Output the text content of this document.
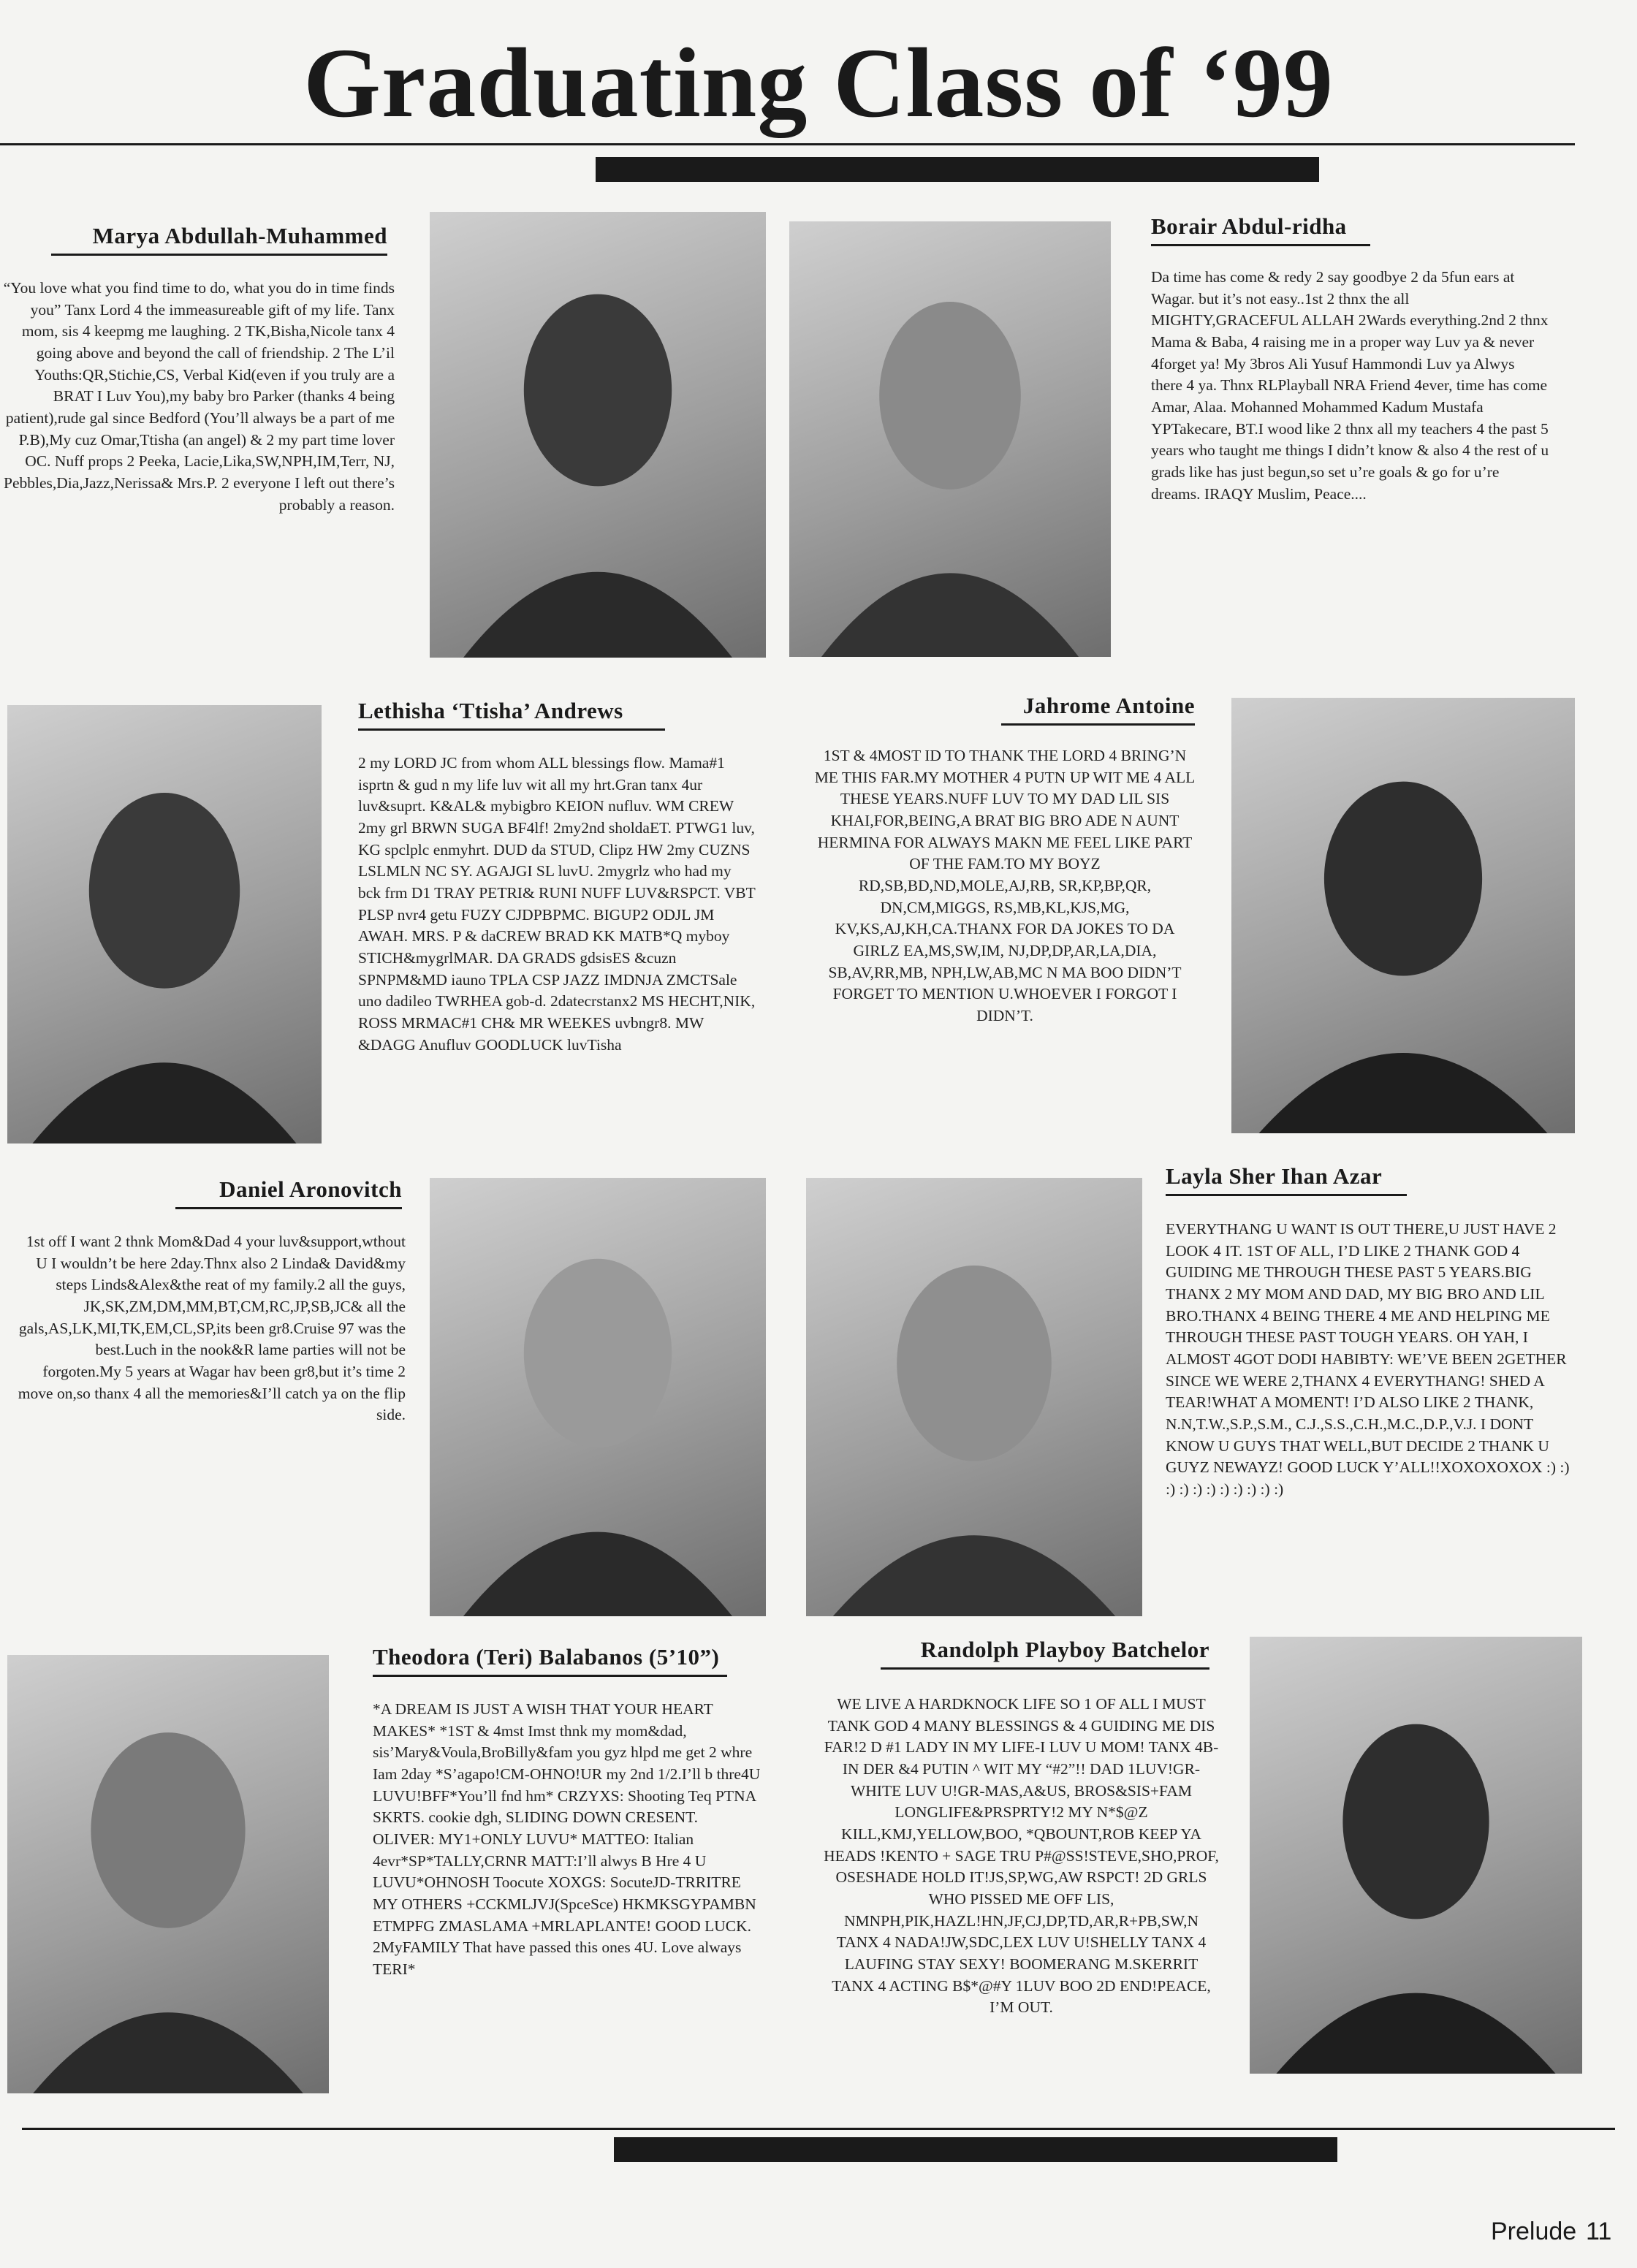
Graduating Class of ‘99
Marya Abdullah-Muhammed
“You love what you find time to do, what you do in time finds you” Tanx Lord 4 the immeasureable gift of my life. Tanx mom, sis 4 keepmg me laughing. 2 TK,Bisha,Nicole tanx 4 going above and beyond the call of friendship. 2 The L’il Youths:QR,Stichie,CS, Verbal Kid(even if you truly are a BRAT I Luv You),my baby bro Parker (thanks 4 being patient),rude gal since Bedford (You’ll always be a part of me P.B),My cuz Omar,Ttisha (an angel) & 2 my part time lover OC. Nuff props 2 Peeka, Lacie,Lika,SW,NPH,IM,Terr, NJ, Pebbles,Dia,Jazz,Nerissa& Mrs.P. 2 everyone I left out there’s probably a reason.
Borair Abdul-ridha
Da time has come & redy 2 say goodbye 2 da 5fun ears at Wagar. but it’s not easy..1st 2 thnx the all MIGHTY,GRACEFUL ALLAH 2Wards everything.2nd 2 thnx Mama & Baba, 4 raising me in a proper way Luv ya & never 4forget ya! My 3bros Ali Yusuf Hammondi Luv ya Alwys there 4 ya. Thnx RLPlayball NRA Friend 4ever, time has come Amar, Alaa. Mohanned Mohammed Kadum Mustafa YPTakecare, BT.I wood like 2 thnx all my teachers 4 the past 5 years who taught me things I didn’t know & also 4 the rest of u grads like has just begun,so set u’re goals & go for u’re dreams. IRAQY Muslim, Peace....
Lethisha ‘Ttisha’ Andrews
2 my LORD JC from whom ALL blessings flow. Mama#1 isprtn & gud n my life luv wit all my hrt.Gran tanx 4ur luv&suprt. K&AL& mybigbro KEION nufluv. WM CREW 2my grl BRWN SUGA BF4lf! 2my2nd sholdaET. PTWG1 luv, KG spclplc enmyhrt. DUD da STUD, Clipz HW 2my CUZNS LSLMLN NC SY. AGAJGI SL luvU. 2mygrlz who had my bck frm D1 TRAY PETRI& RUNI NUFF LUV&RSPCT. VBT PLSP nvr4 getu FUZY CJDPBPMC. BIGUP2 ODJL JM AWAH. MRS. P & daCREW BRAD KK MATB*Q myboy STICH&mygrlMAR. DA GRADS gdsisES &cuzn SPNPM&MD iauno TPLA CSP JAZZ IMDNJA ZMCTSale uno dadileo TWRHEA gob-d. 2datecrstanx2 MS HECHT,NIK, ROSS MRMAC#1 CH& MR WEEKES uvbngr8. MW &DAGG Anufluv GOODLUCK luvTisha
Jahrome Antoine
1ST & 4MOST ID TO THANK THE LORD 4 BRING’N ME THIS FAR.MY MOTHER 4 PUTN UP WIT ME 4 ALL THESE YEARS.NUFF LUV TO MY DAD LIL SIS KHAI,FOR,BEING,A BRAT BIG BRO ADE N AUNT HERMINA FOR ALWAYS MAKN ME FEEL LIKE PART OF THE FAM.TO MY BOYZ RD,SB,BD,ND,MOLE,AJ,RB, SR,KP,BP,QR, DN,CM,MIGGS, RS,MB,KL,KJS,MG, KV,KS,AJ,KH,CA.THANX FOR DA JOKES TO DA GIRLZ EA,MS,SW,IM, NJ,DP,DP,AR,LA,DIA, SB,AV,RR,MB, NPH,LW,AB,MC N MA BOO DIDN’T FORGET TO MENTION U.WHOEVER I FORGOT I DIDN’T.
Daniel Aronovitch
1st off I want 2 thnk Mom&Dad 4 your luv&support,wthout U I wouldn’t be here 2day.Thnx also 2 Linda& David&my steps Linds&Alex&the reat of my family.2 all the guys, JK,SK,ZM,DM,MM,BT,CM,RC,JP,SB,JC& all the gals,AS,LK,MI,TK,EM,CL,SP,its been gr8.Cruise 97 was the best.Luch in the nook&R lame parties will not be forgoten.My 5 years at Wagar hav been gr8,but it’s time 2 move on,so thanx 4 all the memories&I’ll catch ya on the flip side.
Layla Sher Ihan Azar
EVERYTHANG U WANT IS OUT THERE,U JUST HAVE 2 LOOK 4 IT. 1ST OF ALL, I’D LIKE 2 THANK GOD 4 GUIDING ME THROUGH THESE PAST 5 YEARS.BIG THANX 2 MY MOM AND DAD, MY BIG BRO AND LIL BRO.THANX 4 BEING THERE 4 ME AND HELPING ME THROUGH THESE PAST TOUGH YEARS. OH YAH, I ALMOST 4GOT DODI HABIBTY: WE’VE BEEN 2GETHER SINCE WE WERE 2,THANX 4 EVERYTHANG! SHED A TEAR!WHAT A MOMENT! I’D ALSO LIKE 2 THANK, N.N,T.W.,S.P.,S.M., C.J.,S.S.,C.H.,M.C.,D.P.,V.J. I DONT KNOW U GUYS THAT WELL,BUT DECIDE 2 THANK U GUYZ NEWAYZ! GOOD LUCK Y’ALL!!XOXOXOXOX :) :) :) :) :) :) :) :) :) :) :)
Theodora (Teri) Balabanos (5’10”)
*A DREAM IS JUST A WISH THAT YOUR HEART MAKES* *1ST & 4mst Imst thnk my mom&dad, sis’Mary&Voula,BroBilly&fam you gyz hlpd me get 2 whre Iam 2day *S’agapo!CM-OHNO!UR my 2nd 1/2.I’ll b thre4U LUVU!BFF*You’ll fnd hm* CRZYXS: Shooting Teq PTNA SKRTS. cookie dgh, SLIDING DOWN CRESENT. OLIVER: MY1+ONLY LUVU* MATTEO: Italian 4evr*SP*TALLY,CRNR MATT:I’ll alwys B Hre 4 U LUVU*OHNOSH Toocute XOXGS: SocuteJD-TRRITRE MY OTHERS +CCKMLJVJ(SpceSce) HKMKSGYPAMBN ETMPFG ZMASLAMA +MRLAPLANTE! GOOD LUCK. 2MyFAMILY That have passed this ones 4U. Love always TERI*
Randolph Playboy Batchelor
WE LIVE A HARDKNOCK LIFE SO 1 OF ALL I MUST TANK GOD 4 MANY BLESSINGS & 4 GUIDING ME DIS FAR!2 D #1 LADY IN MY LIFE-I LUV U MOM! TANX 4B-IN DER &4 PUTIN ^ WIT MY “#2”!! DAD 1LUV!GR-WHITE LUV U!GR-MAS,A&US, BROS&SIS+FAM LONGLIFE&PRSPRTY!2 MY N*$@Z KILL,KMJ,YELLOW,BOO, *QBOUNT,ROB KEEP YA HEADS !KENTO + SAGE TRU P#@SS!STEVE,SHO,PROF, OSESHADE HOLD IT!JS,SP,WG,AW RSPCT! 2D GRLS WHO PISSED ME OFF LIS, NMNPH,PIK,HAZL!HN,JF,CJ,DP,TD,AR,R+PB,SW,N TANX 4 NADA!JW,SDC,LEX LUV U!SHELLY TANX 4 LAUFING STAY SEXY! BOOMERANG M.SKERRIT TANX 4 ACTING B$*@#Y 1LUV BOO 2D END!PEACE, I’M OUT.
Prelude 11
